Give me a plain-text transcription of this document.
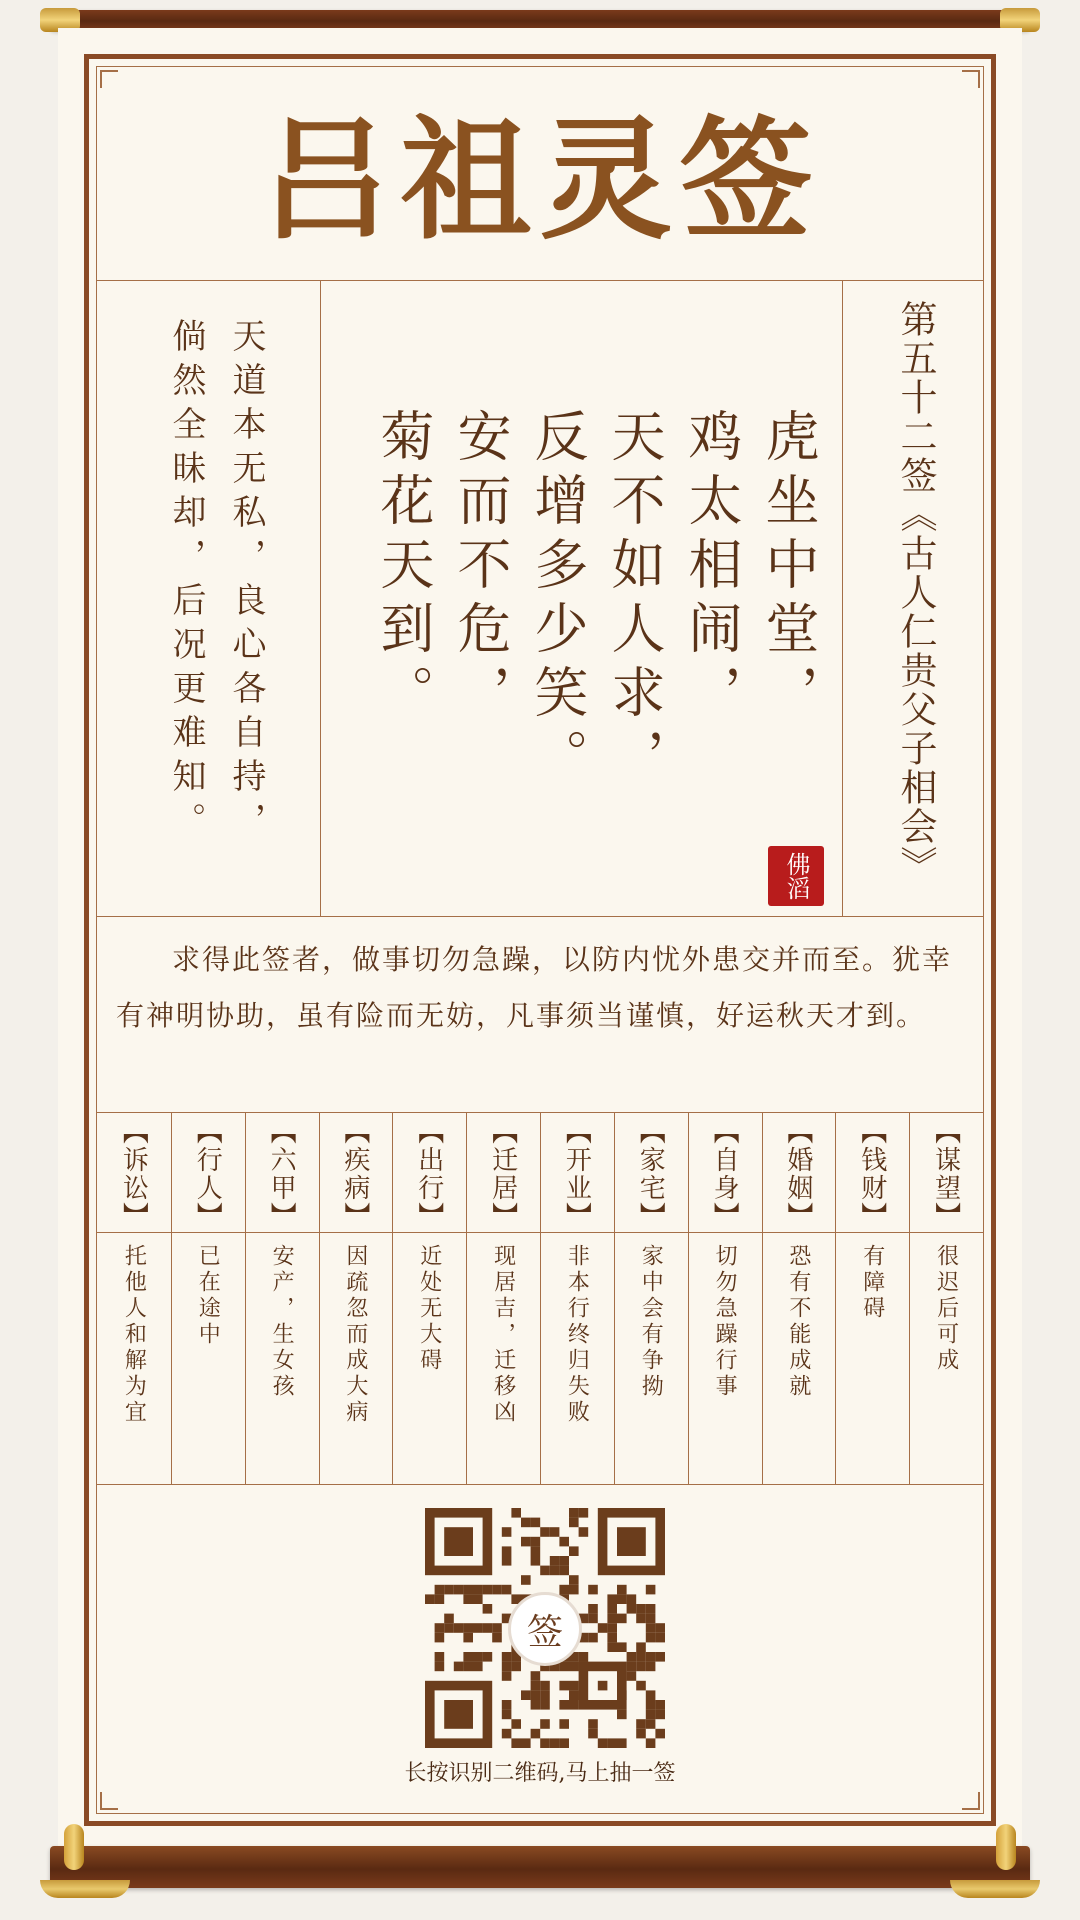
吕祖灵签
第五十二签《古人仁贵父子相会》
虎坐中堂，
鸡太相闹，
天不如人求，
反增多少笑。
安而不危，
菊花天到。
佛滔
天道本无私，良心各自持，
倘然全昧却，后况更难知。
求得此签者，做事切勿急躁，以防内忧外患交并而至。犹幸有神明协助，虽有险而无妨，凡事须当谨慎，好运秋天才到。
【谋望】
很迟后可成
【钱财】
有障碍
【婚姻】
恐有不能成就
【自身】
切勿急躁行事
【家宅】
家中会有争拗
【开业】
非本行终归失败
【迁居】
现居吉，迁移凶
【出行】
近处无大碍
【疾病】
因疏忽而成大病
【六甲】
安产，生女孩
【行人】
已在途中
【诉讼】
托他人和解为宜
签
长按识别二维码,马上抽一签
